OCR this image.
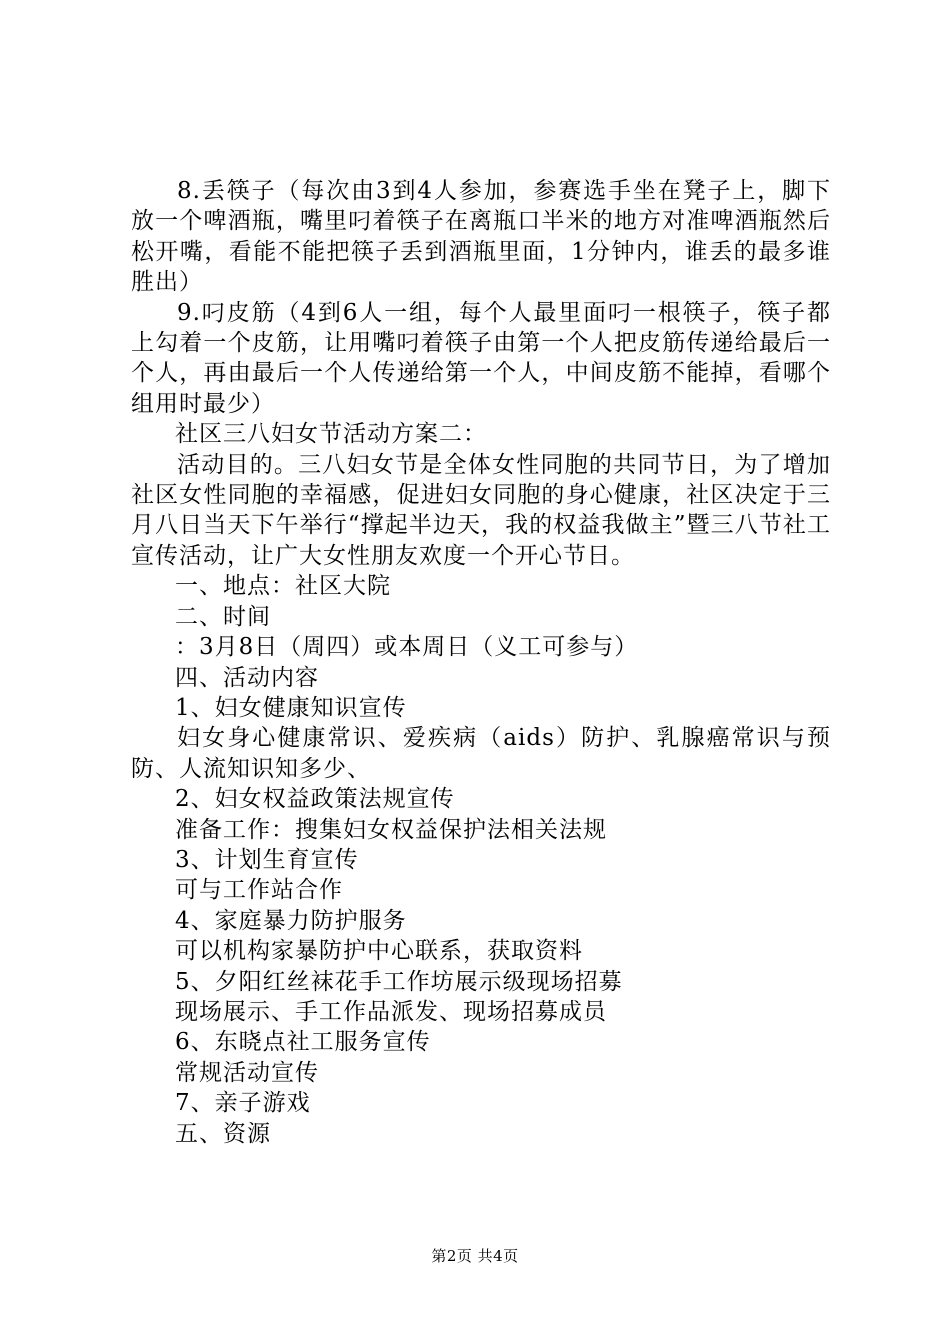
8.丢筷子（每次由3到4人参加，参赛选手坐在凳子上，脚下放一个啤酒瓶，嘴里叼着筷子在离瓶口半米的地方对准啤酒瓶然后松开嘴，看能不能把筷子丢到酒瓶里面，1分钟内，谁丢的最多谁胜出）

9.叼皮筋（4到6人一组，每个人最里面叼一根筷子，筷子都上勾着一个皮筋，让用嘴叼着筷子由第一个人把皮筋传递给最后一个人，再由最后一个人传递给第一个人，中间皮筋不能掉，看哪个组用时最少）

社区三八妇女节活动方案二：

活动目的。三八妇女节是全体女性同胞的共同节日，为了增加社区女性同胞的幸福感，促进妇女同胞的身心健康，社区决定于三月八日当天下午举行“撑起半边天，我的权益我做主”暨三八节社工宣传活动，让广大女性朋友欢度一个开心节日。

一、地点：社区大院

二、时间

：3月8日（周四）或本周日（义工可参与）

四、活动内容

1、妇女健康知识宣传

妇女身心健康常识、爱疾病（aids）防护、乳腺癌常识与预防、人流知识知多少、

2、妇女权益政策法规宣传

准备工作：搜集妇女权益保护法相关法规

3、计划生育宣传

可与工作站合作

4、家庭暴力防护服务

可以机构家暴防护中心联系，获取资料

5、夕阳红丝袜花手工作坊展示级现场招募

现场展示、手工作品派发、现场招募成员

6、东晓点社工服务宣传

常规活动宣传

7、亲子游戏

五、资源

第2页 共4页
